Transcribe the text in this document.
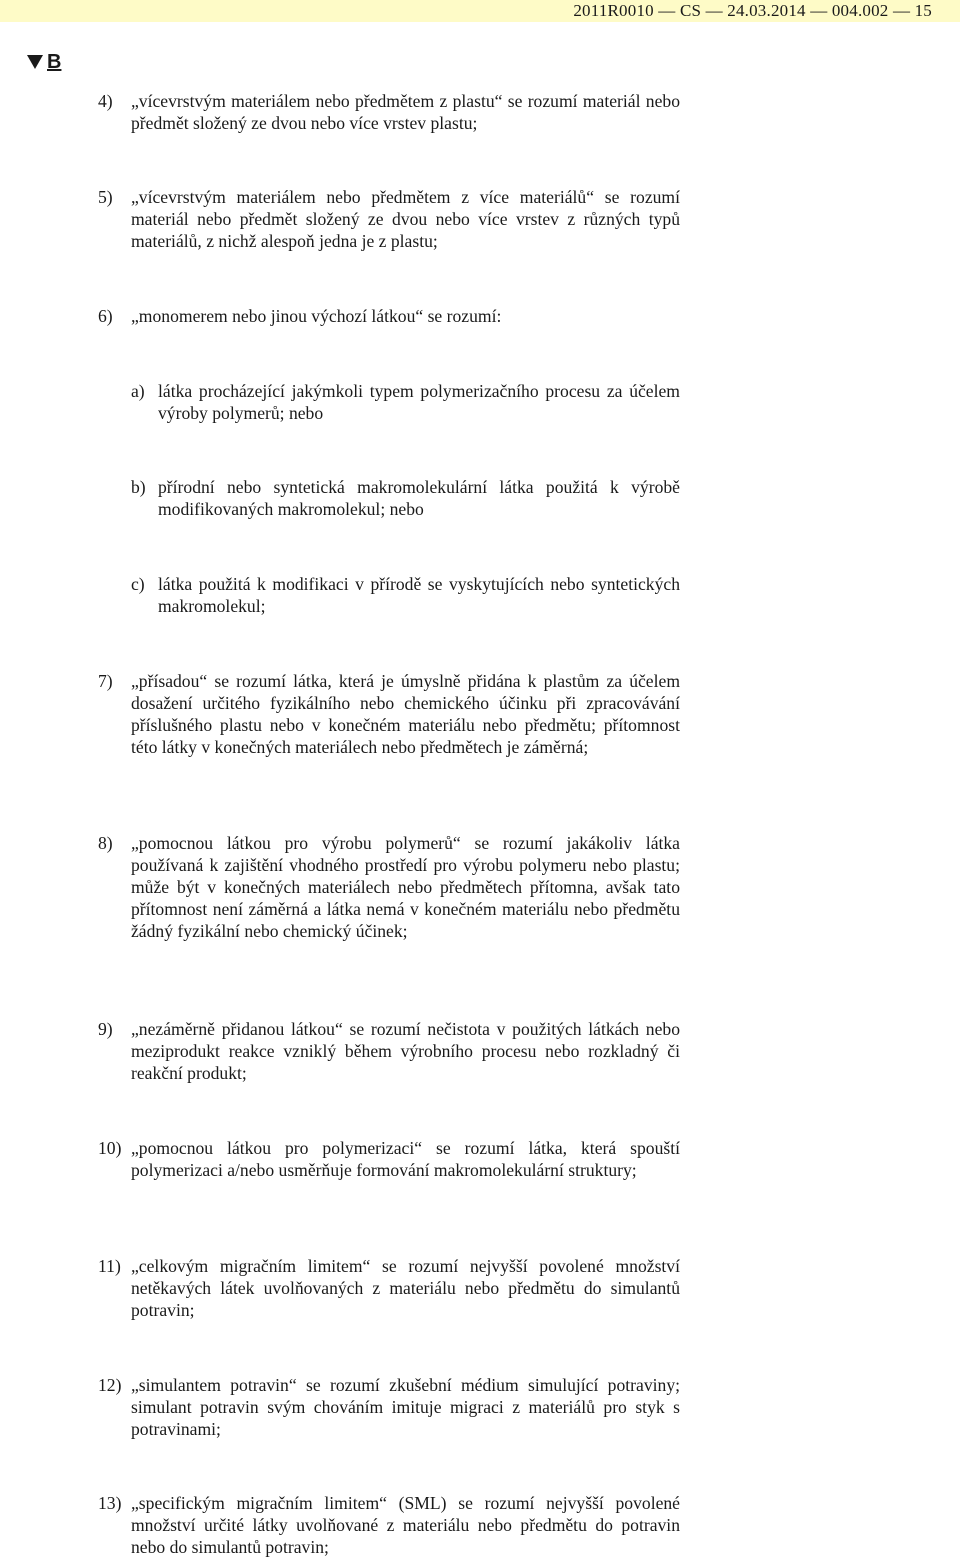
2011R0010 — CS — 24.03.2014 — 004.002 — 15
B
4) „vícevrstvým materiálem nebo předmětem z plastu“ se rozumí materiál nebo předmět složený ze dvou nebo více vrstev plastu;
5) „vícevrstvým materiálem nebo předmětem z více materiálů“ se rozumí materiál nebo předmět složený ze dvou nebo více vrstev z různých typů materiálů, z nichž alespoň jedna je z plastu;
6) „monomerem nebo jinou výchozí látkou“ se rozumí:
a) látka procházející jakýmkoli typem polymerizačního procesu za účelem výroby polymerů; nebo
b) přírodní nebo syntetická makromolekulární látka použitá k výrobě modifikovaných makromolekul; nebo
c) látka použitá k modifikaci v přírodě se vyskytujících nebo syntetických makromolekul;
7) „přísadou“ se rozumí látka, která je úmyslně přidána k plastům za účelem dosažení určitého fyzikálního nebo chemického účinku při zpracovávání příslušného plastu nebo v konečném materiálu nebo předmětu; přítomnost této látky v konečných materiálech nebo předmětech je záměrná;
8) „pomocnou látkou pro výrobu polymerů“ se rozumí jakákoliv látka používaná k zajištění vhodného prostředí pro výrobu polymeru nebo plastu; může být v konečných materiálech nebo předmětech přítomna, avšak tato přítomnost není záměrná a látka nemá v konečném materiálu nebo předmětu žádný fyzikální nebo chemický účinek;
9) „nezáměrně přidanou látkou“ se rozumí nečistota v použitých látkách nebo meziprodukt reakce vzniklý během výrobního procesu nebo rozkladný či reakční produkt;
10) „pomocnou látkou pro polymerizaci“ se rozumí látka, která spouští polymerizaci a/nebo usměrňuje formování makromolekulární struktury;
11) „celkovým migračním limitem“ se rozumí nejvyšší povolené množství netěkavých látek uvolňovaných z materiálu nebo předmětu do simulantů potravin;
12) „simulantem potravin“ se rozumí zkušební médium simulující potraviny; simulant potravin svým chováním imituje migraci z materiálů pro styk s potravinami;
13) „specifickým migračním limitem“ (SML) se rozumí nejvyšší povolené množství určité látky uvolňované z materiálu nebo předmětu do potravin nebo do simulantů potravin;
